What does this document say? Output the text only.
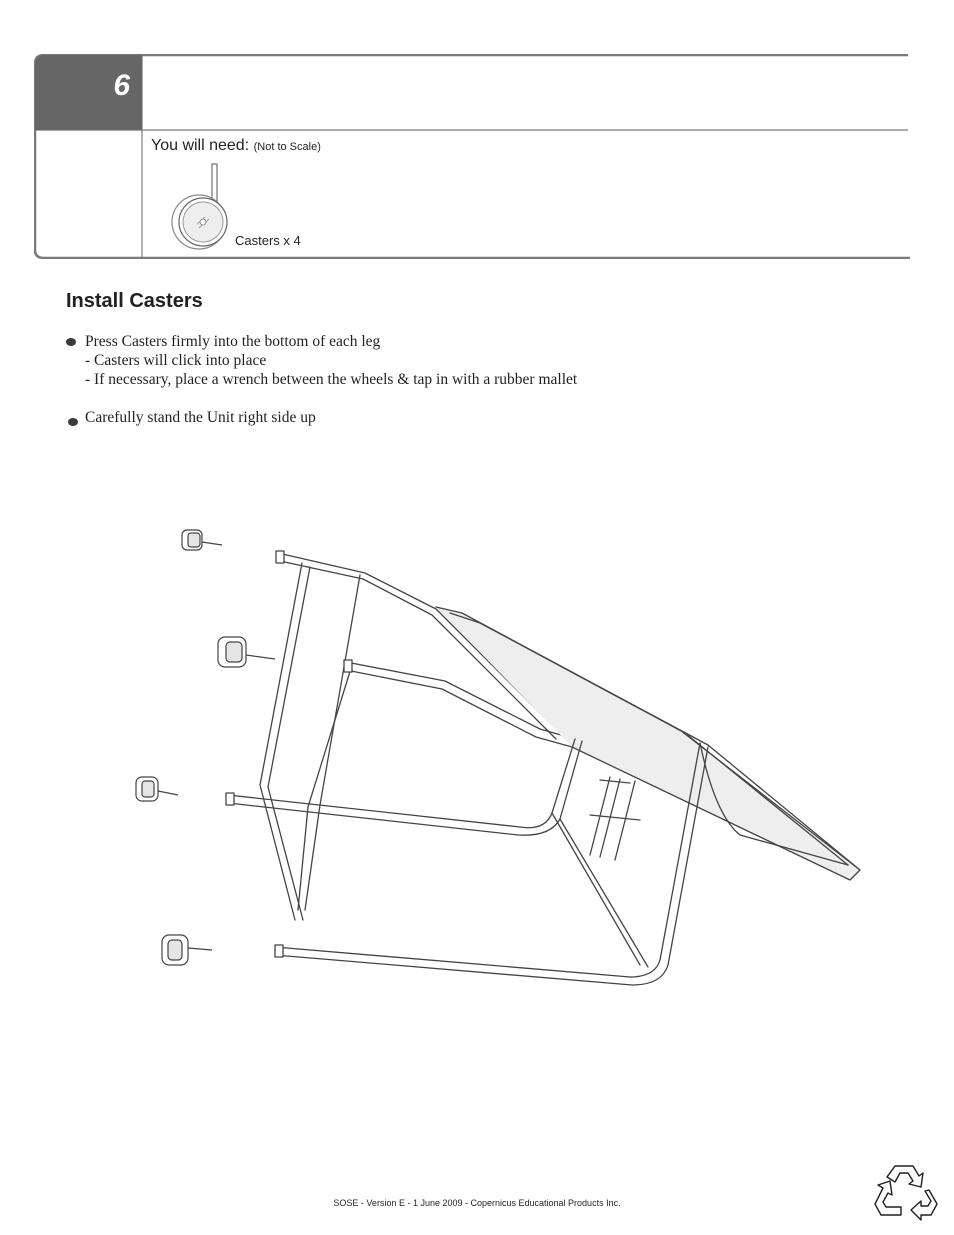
6
You will need: (Not to Scale)
Casters x 4
Install Casters
Press Casters firmly into the bottom of each leg
- Casters will click into place
- If necessary, place a wrench between the wheels & tap in with a rubber mallet
Carefully stand the Unit right side up
SOSE - Version E - 1 June 2009 - Copernicus Educational Products Inc.
